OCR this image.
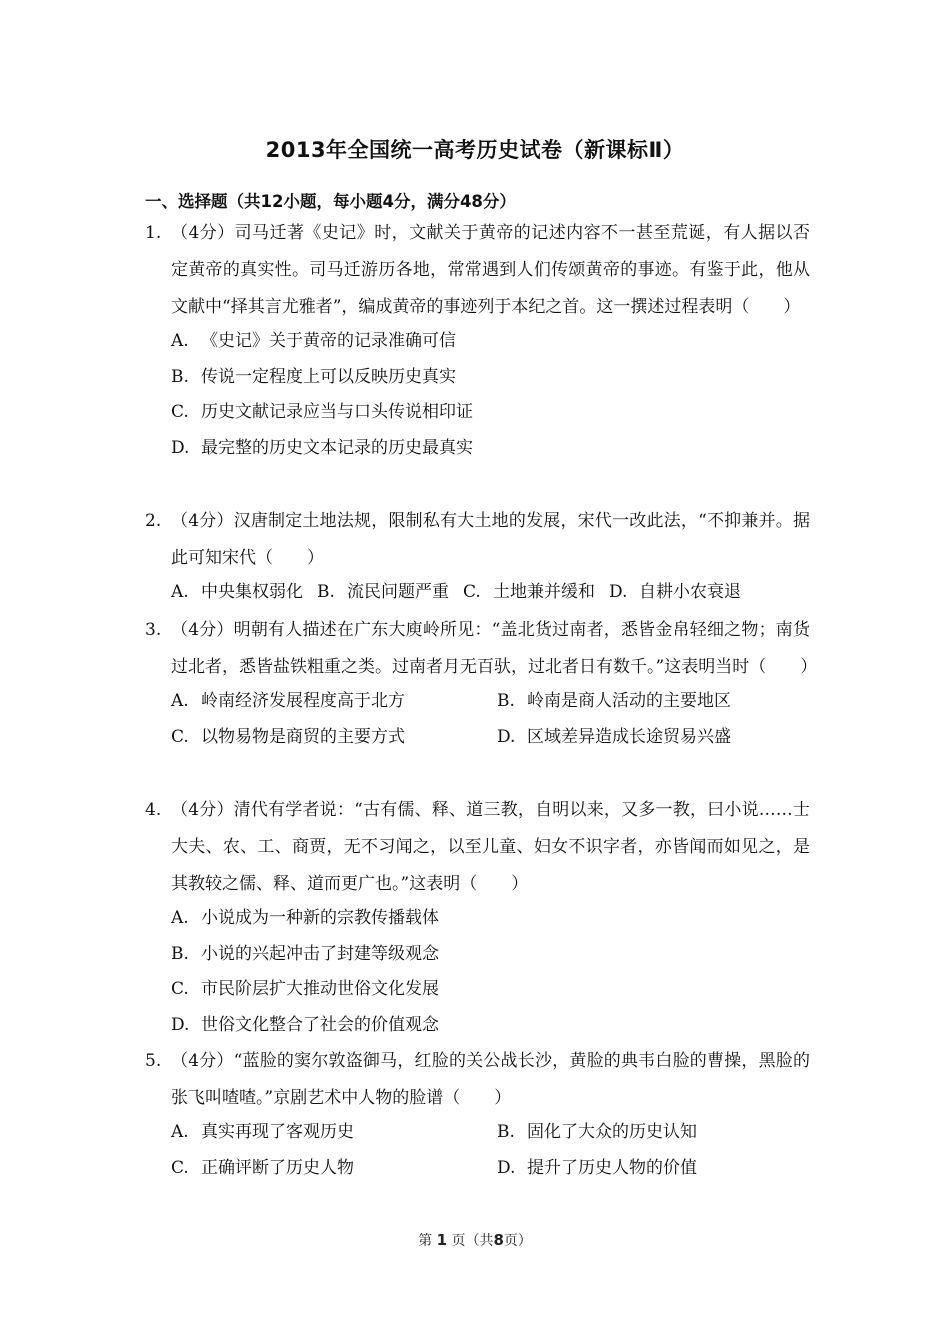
2013年全国统一高考历史试卷（新课标Ⅱ）
一、选择题（共12小题，每小题4分，满分48分）
1. （4分）司马迁著《史记》时，文献关于黄帝的记述内容不一甚至荒诞，有人据以否定黄帝的真实性。司马迁游历各地，常常遇到人们传颂黄帝的事迹。有鉴于此，他从文献中“择其言尤雅者”，编成黄帝的事迹列于本纪之首。这一撰述过程表明（　　）
A. 《史记》关于黄帝的记录准确可信
B. 传说一定程度上可以反映历史真实
C. 历史文献记录应当与口头传说相印证
D. 最完整的历史文本记录的历史最真实
2. （4分）汉唐制定土地法规，限制私有大土地的发展，宋代一改此法，“不抑兼并。据此可知宋代（　　）
A. 中央集权弱化 B. 流民问题严重 C. 土地兼并缓和 D. 自耕小农衰退
3. （4分）明朝有人描述在广东大庾岭所见：“盖北货过南者，悉皆金帛轻细之物；南货过北者，悉皆盐铁粗重之类。过南者月无百驮，过北者日有数千。”这表明当时（　　）
A. 岭南经济发展程度高于北方	B. 岭南是商人活动的主要地区
C. 以物易物是商贸的主要方式	D. 区域差异造成长途贸易兴盛
4. （4分）清代有学者说：“古有儒、释、道三教，自明以来，又多一教，曰小说……士大夫、农、工、商贾，无不习闻之，以至儿童、妇女不识字者，亦皆闻而如见之，是其教较之儒、释、道而更广也。”这表明（　　）
A. 小说成为一种新的宗教传播载体
B. 小说的兴起冲击了封建等级观念
C. 市民阶层扩大推动世俗文化发展
D. 世俗文化整合了社会的价值观念
5. （4分）“蓝脸的窦尔敦盗御马，红脸的关公战长沙，黄脸的典韦白脸的曹操，黑脸的张飞叫喳喳。”京剧艺术中人物的脸谱（　　）
A. 真实再现了客观历史	B. 固化了大众的历史认知
C. 正确评断了历史人物	D. 提升了历史人物的价值
第 1 页（共8页）
